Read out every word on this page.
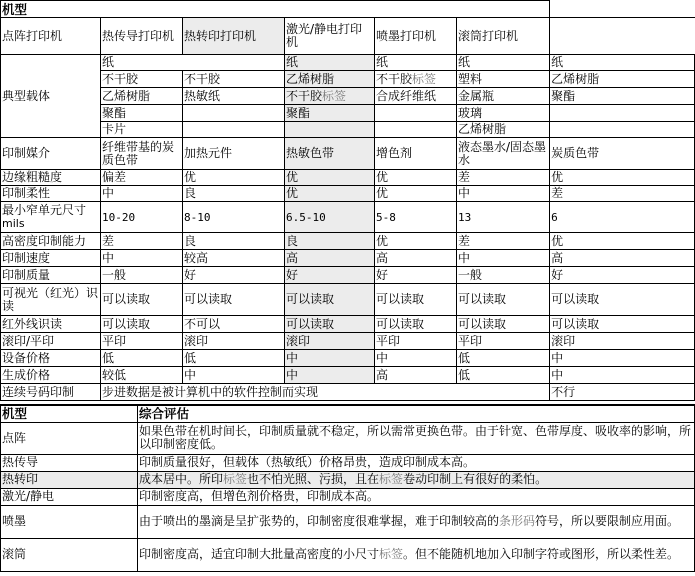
机型						
点阵打印机	热传导打印机	热转印打印机	激光/静电打印机	喷墨打印机	滚筒打印机	
典型载体	纸		纸	纸	纸	纸
	不干胶	不干胶	乙烯树脂	不干胶标签	塑料	乙烯树脂
	乙烯树脂	热敏纸	不干胶标签	合成纤维纸	金属瓶	聚酯
	聚酯		聚酯		玻璃	
	卡片				乙烯树脂	
印制媒介	纤维带基的炭质色带	加热元件	热敏色带	增色剂	液态墨水/固态墨水	炭质色带
边缘粗糙度	偏差	优	优	优	差	优
印制柔性	中	良	优	优	中	差

最小窄单元尺寸
mils	10-20	8-10	6.5-10	5-8	13	6
高密度印制能力	差	良	良	优	差	优
印制速度	中	较高	高	高	中	高
印制质量	一般	好	好	好	一般	好
可视光（红光）识读	可以读取	可以读取	可以读取	可以读取	可以读取	可以读取
红外线识读	可以读取	不可以	可以读取	可以读取	可以读取	可以读取
滚印/平印	平印	滚印	滚印	平印	平印	滚印
设备价格	低	低	中	中	低	中
生成价格	较低	中	中	高	低	中
连续号码印制	步进数据是被计算机中的软件控制而实现					不行
机型	综合评估
点阵	如果色带在机时间长，印制质量就不稳定，所以需常更换色带。由于针宽、色带厚度、吸收率的影响，所以印制密度低。
热传导	印制质量很好，但载体（热敏纸）价格昂贵，造成印制成本高。
热转印	成本居中。所印标签也不怕光照、污损，且在标签卷动印制上有很好的柔怕。
激光/静电	印制密度高，但增色剂价格贵，印制成本高。
喷墨	由于喷出的墨滴是呈扩张势的，印制密度很难掌握，难于印制较高的条形码符号，所以要限制应用面。
滚筒	印制密度高，适宜印制大批量高密度的小尺寸标签。但不能随机地加入印制字符或图形，所以柔性差。
